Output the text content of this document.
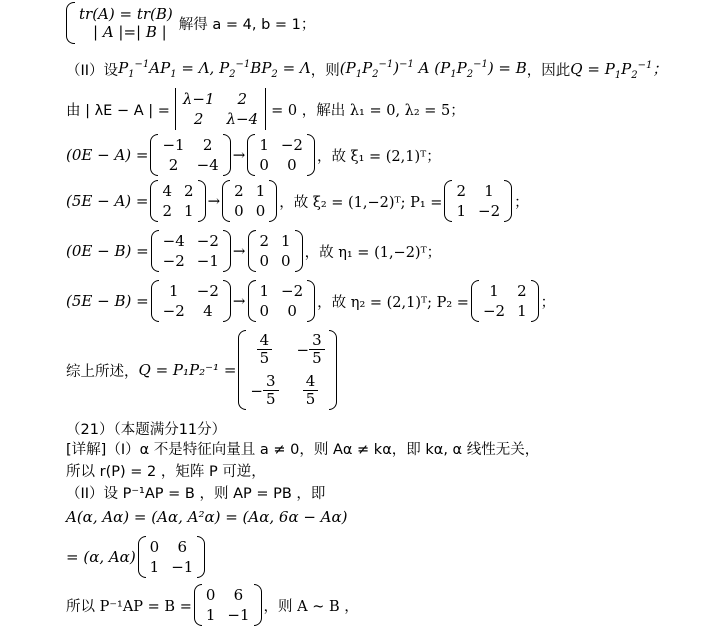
tr(A) = tr(B)
| A |=| B | 解得 a = 4, b = 1；
（II）设 $P_1^{-1}AP_1 = \Lambda$, $P_2^{-1}BP_2 = \Lambda$ ，则 $(P_1P_2^{-1})^{-1}$ A $(P_1P_2^{-1}) = B$ ，因此 $Q = P_1P_2^{-1}$；
由 | λE − A | =
λ−1	2
2	λ−4 = 0 ，解出 λ₁ = 0, λ₂ = 5；
(0E − A) =
−1	2
2	−4
→
1 −2
0	0	，故 ξ₁ = (2,1)ᵀ；
(5E − A) =
4 2
2 1
→
2 1
0 0 ，故 ξ₂ = (1,−2)ᵀ; P₁ =
2	1
1 −2 ；
(0E − B) =
−4 −2
−2 −1
→
2 1
0 0 ，故 η₁ = (1,−2)ᵀ；
(5E − B) =
1	−2
−2	4
→
1 −2
0	0	，故 η₂ = (2,1)ᵀ; P₂ =
1	2
−2 1 ；
综上所述， Q = P₁P₂⁻¹ =
$\frac{4}{5} - \frac{3}{5}$
− $\frac{3}{5} \frac{4}{5}$
（21）（本题满分11分）
[详解]（I）α 不是特征向量且 a ≠ 0，则 Aα ≠ kα，即 kα, α 线性无关，
所以 r(P) = 2 ，矩阵 P 可逆，
（II）设 P⁻¹AP = B ，则 AP = PB ，即
A(α, Aα) = (Aα, A²α) = (Aα, 6α − Aα)
= (α, Aα)
0	6
1 −1
所以 P⁻¹AP = B =
0	6
1 −1 ，则 A ~ B ，
